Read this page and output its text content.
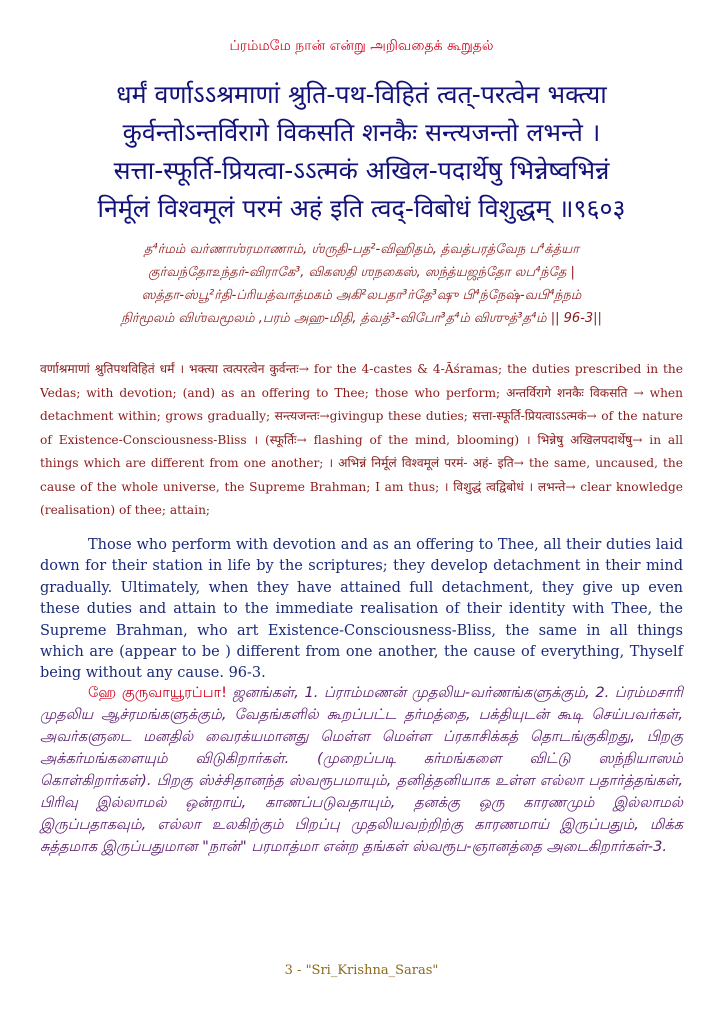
ப்ரம்மமே நான் என்று அறிவதைக் கூறுதல்
धर्मं वर्णाऽऽश्रमाणां श्रुति-पथ-विहितं त्वत्-परत्वेन भक्त्या
कुर्वन्तोऽन्तर्विरागे विकसति शनकैः सन्त्यजन्तो लभन्ते ।
सत्ता-स्फूर्ति-प्रियत्वा-ऽऽत्मकं अखिल-पदार्थेषु भिन्नेष्वभिन्नं
निर्मूलं विश्वमूलं परमं अहं इति त्वद्-विबोधं विशुद्धम् ॥९६०३
த⁴ர்மம் வர்ணாஶ்ரமாணாம், ஶ்ருதி-பத²-விஹிதம், த்வத்பரத்வேந ப⁴க்த்யா
குர்வந்தோ௨ந்தர்-விராகே³, விகஸதி ஶநகைஸ், ஸந்த்யஜந்தோ லப⁴ந்தே |
ஸத்தா-ஸ்பூ²ர்தி-ப்ரியத்வாத்மகம் அகி²லபதா³ர்தே³ஷு பி⁴ந்நேஷ்-வபி⁴ந்நம்
நிர்மூலம் விஶ்வமூலம் ,பரம் அஹ-மிதி, த்வத்³-விபோ³த⁴ம் விஶுத்³த⁴ம் || 96-3||
वर्णाश्रमाणां श्रुतिपथविहितं धर्मं । भक्त्या त्वत्परत्वेन कुर्वन्तः→ for the 4-castes & 4-Āśramas; the duties prescribed in the Vedas; with devotion; (and) as an offering to Thee; those who perform; अन्तर्विरागे शनकैः विकसति → when detachment within; grows gradually; सन्त्यजन्तः→givingup these duties; सत्ता-स्फूर्ति-प्रियत्वाऽऽत्मकं→ of the nature of Existence-Consciousness-Bliss । (स्फूर्तिः→ flashing of the mind, blooming) । भिन्नेषु अखिलपदार्थेषु→ in all things which are different from one another; । अभिन्नं निर्मूलं विश्वमूलं परमं- अहं- इति→ the same, uncaused, the cause of the whole universe, the Supreme Brahman; I am thus; । विशुद्धं त्वद्विबोधं । लभन्ते→ clear knowledge (realisation) of thee; attain;
Those who perform with devotion and as an offering to Thee, all their duties laid down for their station in life by the scriptures; they develop detachment in their mind gradually. Ultimately, when they have attained full detachment, they give up even these duties and attain to the immediate realisation of their identity with Thee, the Supreme Brahman, who art Existence-Consciousness-Bliss, the same in all things which are (appear to be ) different from one another, the cause of everything, Thyself being without any cause. 96-3.
ஹே குருவாயூரப்பா! ஜனங்கள், 1. ப்ராம்மணன் முதலிய-வர்ணங்களுக்கும், 2. ப்ரம்மசாரி முதலிய ஆச்ரமங்களுக்கும், வேதங்களில் கூறப்பட்ட தர்மத்தை, பக்தியுடன் கூடி செய்பவர்கள், அவர்களுடை மனதில் வைரக்யமானது மெள்ள மெள்ள ப்ரகாசிக்கத் தொடங்குகிறது, பிறகு அக்கர்மங்களையும் விடுகிறார்கள். (முறைப்படி கர்மங்களை விட்டு ஸந்நியாஸம் கொள்கிறார்கள்). பிறகு ஸ்ச்சிதானந்த ஸ்வரூபமாயும், தனித்தனியாக உள்ள எல்லா பதார்த்தங்கள், பிரிவு இல்லாமல் ஒன்றாய், காணப்படுவதாயும், தனக்கு ஒரு காரணமும் இல்லாமல் இருப்பதாகவும், எல்லா உலகிற்கும் பிறப்பு முதலியவற்றிற்கு காரணமாய் இருப்பதும், மிக்க சுத்தமாக இருப்பதுமான "நான்" பரமாத்மா என்ற தங்கள் ஸ்வரூப-ஞானத்தை அடைகிறார்கள்-3.
3 - "Sri_Krishna_Saras"
